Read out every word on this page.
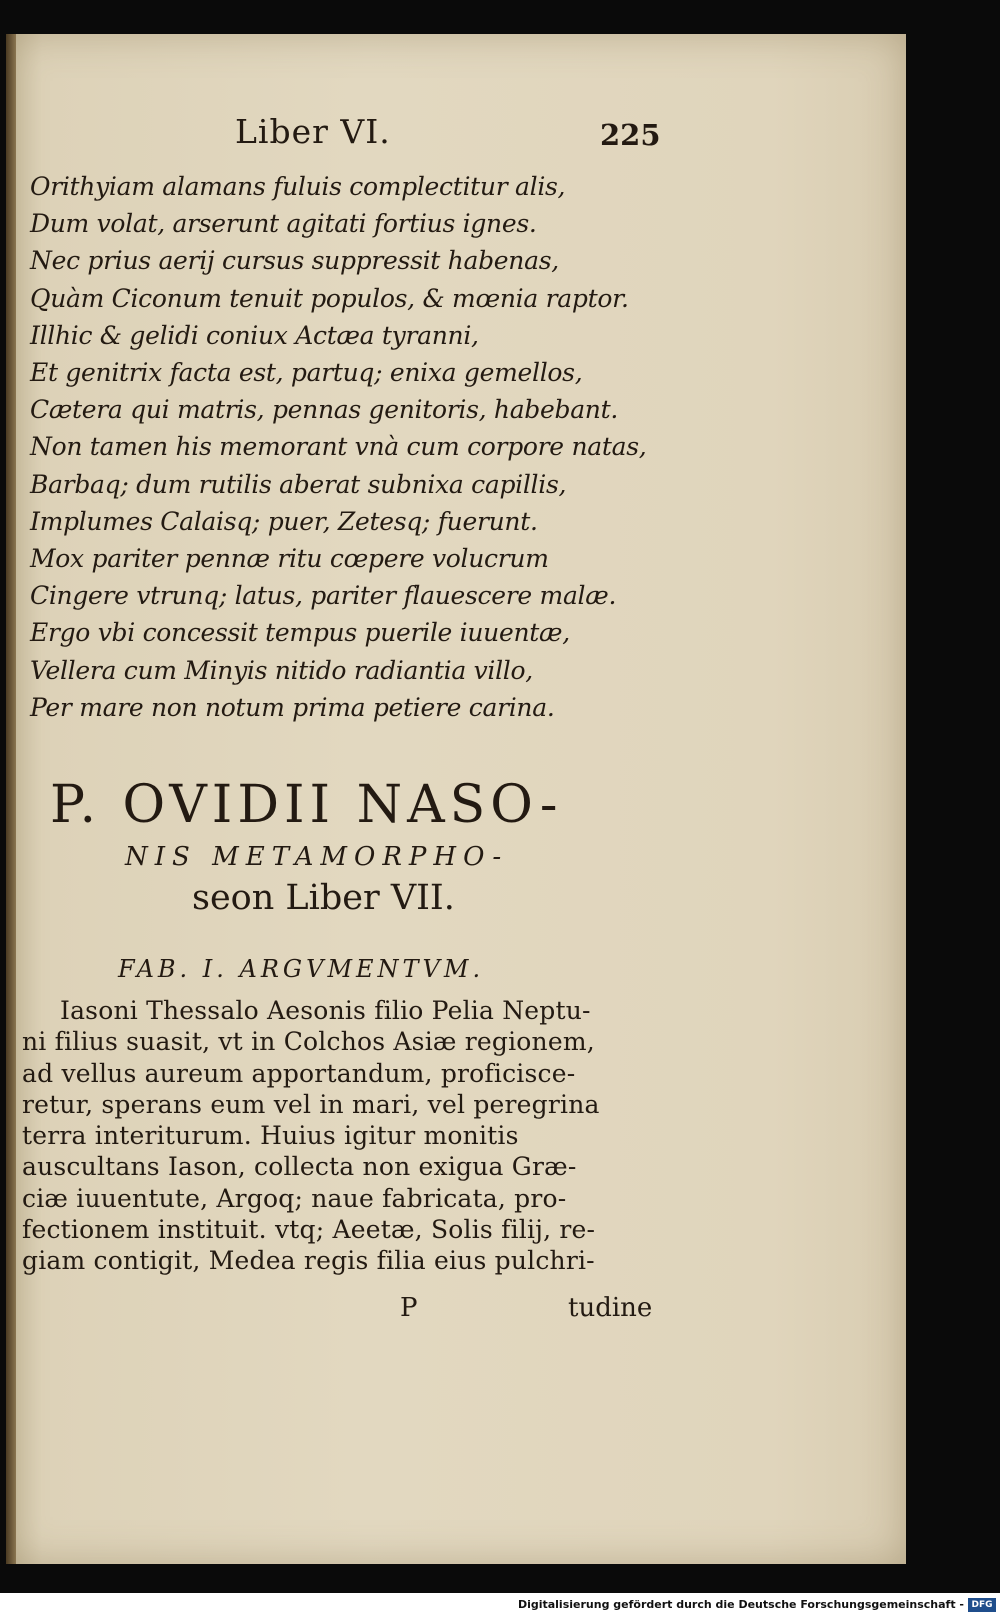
Liber VI.	225
Orithyiam alamans fuluis complectitur alis,
Dum volat, arserunt agitati fortius ignes.
Nec prius aerij cursus suppressit habenas,
Quàm Ciconum tenuit populos, & mœnia raptor.
Illhic & gelidi coniux Actæa tyranni,
Et genitrix facta est, partuq; enixa gemellos,
Cætera qui matris, pennas genitoris, habebant.
Non tamen his memorant vnà cum corpore natas,
Barbaq; dum rutilis aberat subnixa capillis,
Implumes Calaisq; puer, Zetesq; fuerunt.
Mox pariter pennæ ritu cœpere volucrum
Cingere vtrunq; latus, pariter flauescere malæ.
Ergo vbi concessit tempus puerile iuuentæ,
Vellera cum Minyis nitido radiantia villo,
Per mare non notum prima petiere carina.
P. OVIDII NASO-
NIS METAMORPHO-
seon Liber VII.
FAB. I. ARGVMENTVM.
Iasoni Thessalo Aesonis filio Pelia Neptu-
ni filius suasit, vt in Colchos Asiæ regionem,
ad vellus aureum apportandum, proficisce-
retur, sperans eum vel in mari, vel peregrina
terra interiturum. Huius igitur monitis
auscultans Iason, collecta non exigua Græ-
ciæ iuuentute, Argoq; naue fabricata, pro-
fectionem instituit. vtq; Aeetæ, Solis filij, re-
giam contigit, Medea regis filia eius pulchri-
P	tudine
Digitalisierung gefördert durch die Deutsche Forschungsgemeinschaft - DFG
